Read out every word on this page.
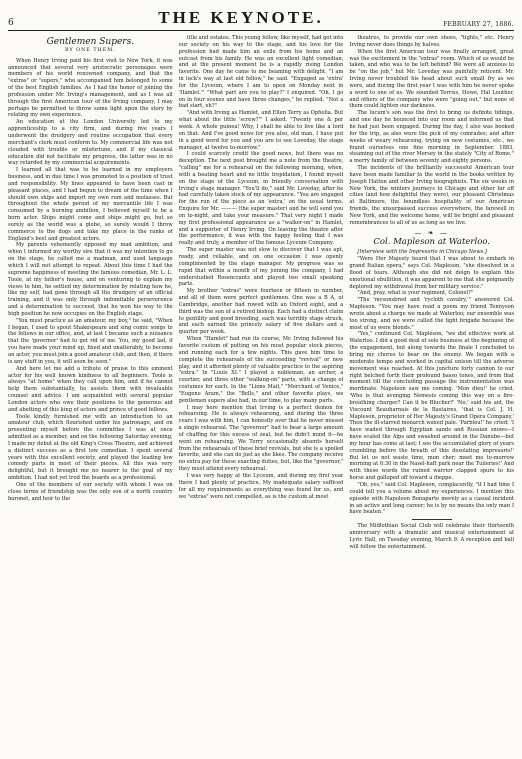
6	THE KEYNOTE.	FEBRUARY 27, 1886.
Gentlemen Supers.
BY ONE THEM.

When Henry Irving paid his first visit to New York, it was announced that several very aristocratic personages were members of his world renowned company, and that the "extras" or "supers," who accompanied him belonged to some of the best English families. As I had the honor of joining the profession under Mr. Irving's management, and as I was all through the first American tour of the Irving company, I may perhaps be permitted to throw some light upon the story by relating my own experience.

An education at the London University led to my apprenticeship to a city firm, and during five years I underwent the drudgery and routine occupation that every merchant's clerk must conform to. My commercial life was not clouded with trouble or misfortune, and if my classical education did not facilitate my progress, the latter was in no way retarded by my commercial acquirements.

I learned all that was to be learned in my employers business, and in due time I was promoted to a position of trust and responsibility. My lines appeared to have been cast in pleasant places, and I had begun to dream of the time when I should own ships and import my own rum and molasses. But throughout the whole period of my mercantile life I was consumed by a burning ambition, I believed myself to be a born actor. Ships might come and ships might go, but so surely as the world was a globe, so surely would I throw commerce to the dogs and take my place in the ranks of England's best and greatest actors.

My parents vehemently opposed my mad ambition, and when I informed my worthy sire that it was my intention to go on the stage, he called me a madman, and used language which I will not attempt to repeat. About this time I had the supreme happiness of meeting the famous comedian, Mr. L. L. Toole, at my father's house, and on venturing to explain my views to him, he settled my determination by relating how he, like my self, had gone through all the drudgery of an official training, and it was only through indomitable perseverence and a determination to succeed, that he won his way to the high position he now occupies on the English stage.

"You must practice as an amateur, my boy," he said, "When I began, I used to spout Shakespeare and sing comic songs to the fellows in our office, and, at last I became such a nuisance that the 'governor' had to get rid of me. You, my good lad, if you have made your mind up, fixed and unalterably, to become an actor, you must join a good amateur club, and then, if there is any stuff in you, it will soon be seen."

And here let me add a tribute of praise to this eminent actor for his well known kindness to all beginners. Toole is always "at home" when they call upon him, and if he cannot help them substantially, he assists them with invaluable counsel and advice. I am acquainted with several popular London actors who owe their positions to the generous aid and abetting of this king of actors and prince of good fellows.

Toole kindly furnished me with an introduction to an amateur club, which flourished under his patronage, and on presenting myself before the committee I was at once admitted as a member, and on the following Saturday evening, I made my debut at the old King's Cross Theatre, and achieved a distinct success as a first low comedian. I spent several years with this excellent society, and played the leading low comedy parts in most of their pieces. All this was very delightful, but it brought me no nearer to the goal of my ambition. I had not yet trod the boards as a professional.

One of the members of our society with whom I was on close terms of friendship was the only son of a north country baronet, and heir to the

title and estates. This young fellow, like myself, had got into our society on his way to the stage, and his love for the profession had made him an exile from his home and an outcast from his family. He was an excellent light comedian, and at the present moment he is a rapidly rising London favorite. One day he came to me beaming with delight. "I am in luck's way at last old fellow," he said. "Engaged as 'extra' for the Lyceum, where I am to open on Monday next in 'Hamlet.'" "What part are you to play?" I enquired. "Oh, I go on in four scenes and have three changes," he replied. "Not a bad start, eh?"

"And with Irving as Hamlet, and Ellen Terry as Ophelia. But what about the little 'screw?'" I asked. "Twenty one & per week. A whole guinea! Why, I shall be able to live like a lord on that. And I've good news for you also, old man. I have put in a good word for you and you are to see Loveday, the stage manager, at twelve to-morrow."

I could scarcely credit the good news, but there was no deception. The next post brought me a note from the theatre, "calling" me for a rehearsal on the following morning, when, with a beating heart and no little trepidation, I found myself on the stage of the Lyceum, in friendly conversation with Irving's stage manager. "You'll do," said Mr. Loveday, after he had carefully taken stock of my appearance. "You are engaged for the run of the piece as an 'extra,' on the usual terms. Enquire for Mr. ——— (the super master) and he will send you on to-night, and take your measure." That very night I made my first professional appearance as a "walker-on" in Hamlet, and a supporter of Henry Irving. On leaving the theatre after the performance, it was with the happy feeling that I was really and truly, a member of the famous Lyceum Company.

The super master was not slow to discover that I was apt, ready, and reliable, and on one occasion I was openly complimented by the stage manager. My progress was so rapid that within a month of my joining the company, I had understudied Rosencrantz and played two small speaking parts.

My brother "extras" were fourteen or fifteen in number, and all of them were perfect gentlemen. One was a B A, of Cambridge, another had rowed with an Oxford eight, and a third was the son of a retired bishop. Each had a distinct claim to gentility and good breeding, each was terribly stage struck, and each earned the princely salary of five dollars and a quarter per week.

When "Hamlet" had run its course, Mr. Irving followed his favorite custom of putting on his most popular stock pieces, and running each for a few nights. This gave him time to complete the rehearsals of the succeeding "revival" or new play, and it afforded plenty of valuable practice to the aspiring "extra." In "Louis XI." I played a nobleman, an archer, a courtier, and three other "walking-on" parts, with a change of costumes for each. In the "Lions Mail," "Merchant of Venice," "Eugene Aram," the "Bells," and other favorite plays, we gentlemen supers also had, in our time, to play many parts.

I may here mention that Irving is a perfect demon for rehearsing. He is always rehearsing, and during the three years I was with him, I can honestly aver that he never missed a single rehearsal. The "governor" had to bear a large amount of chaffing for this excess of zeal, but he didn't mind it—he went on rehearsing. We Terry occasionally absents herself from the rehearsals of these brief revivals, but she is a spoiled favorite, and she can do just as she likes. The company receive no extra pay for these exacting duties, but, like the "governor," they must attend every rehearsal.

I was very happy at the Lyceum, and during my first year there I had plenty of practice. My inadequate salary sufficed for all my requirements as everything was found for us, and we "extras" were not compelled, as is the custom at most

theatres, to provide our own shoes, "tights," etc. Henry Irving never does things by halves.

When the first American tour was finally arranged, great was the excitement in the "extras" room. Which of us would be taken, and who was to be left behind? We were all anxious to be "on the job," but Mr. Loveday was painfully reticent. Mr. Irving never troubled his head about such small fry as we were, and during the first year I was with him he never spoke a word to one of us. We sounded Terriss, Howe, Hal Louther, and others of the company who were "going out," but none of them could lighten our darkness.

The lucum's son was the first to bring us definite tidings, and one day he bounced into our room and informed us that he had just been engaged. During the day, I also was booked for the trip, as also were the pick of my comrades; and after weeks of weary rehearsing, trying on new costumes, etc., we found ourselves one fine morning in September, 1883, steaming out of the river Mersey in the stately "City of Rome," a merry family of between seventy and eighty persons.

The incidents of the brilliantly successful American tour have been made familiar to the world in the books written by Joseph Hatton and other Irving biographists. The six weeks in New York, the winters journeys to Chicago and other far off cities (and how delightful they were), our pleasant Christmas at Baltimore, the boundless hospitality of our American friends, the unsurpassed success everywhere, the farewell in New York, and the welcome home, will be bright and pleasant remembrances to all of us as long as we live.

— ❧ —
Col. Mapleson at Waterloo.

[Interview with the Impresario in Chicago News.]

"Were Her Majesty heard that I was about to embark in grand Italian opera," says Col. Mapleson, "she dissolved in a flood of tears. Although she did not deign to explain this emotional ebullition, it was apparent to me that she poignantly deplored my withdrawal from her military service."

"And, pray, what is your regiment, Colonel?"

"The 'mysonsbred and 'rycloth cavalry,'" answered Col. Mapleson. "You may have read a poem my friend Tennyson wrote about a charge we made at Waterloo; our ensemble was too strong, and we were called the light brigade because the most of us were blonds."

"Yes," continued Col. Mapleson, "we did effective work at Waterloo. I did a good deal of solo business at the beginning of the engagement, but along towards the finale I concluded to bring my chorus to bear on the enemy. We began with a moderate tempo and worked in capital unison till the adverse movement was reached. At this juncture forty cannon to our right belched forth their profound basso tones, and from that moment till the concluding passage the instrumentation was inordinate. Napoleon saw me coming. 'Mon dieu!' he cried. 'Who is that avenging Nemesis coming this way on a fire-breathing charger? Can it be Blucher?' 'No,' said his aid, the Viscount Beauharnais de la Bastaires, 'that is Col. J. H. Mapleson, proprietor of Her Majesty's Grand Opera Company.' Then the ill-starred monarch waxed pale. 'Parbleu!' he cried; 'I have waded through Egyptian sands and Russian snows—I have scaled the Alps and swashed around in the Danube—but my hour has come at last; I see the accumulated glory of years crumbling before the breath of this desolating impresario!' But let us not waste time, mon cher; meet me to-morrow morning at 6:30 in the Nasel-haft park near the Tuileries!' And with these words the ruined warrior clapped spurs to his horse and galloped off toward a dieppe.

"Oh, yes," said Col. Mapleson, complacently, "if I had time I could tell you a volume about my experiences. I mention this episode with Napoleon Bonaparte merely as a casual incident in an active and long career; he is by no means the only man I have beaten."

The Midlothian Social Club will celebrate their thirteenth anniversary with a dramatic and musical entertainment at Lyric Hall, on Tuesday evening, March 9. A reception and ball will follow the entertainment.
